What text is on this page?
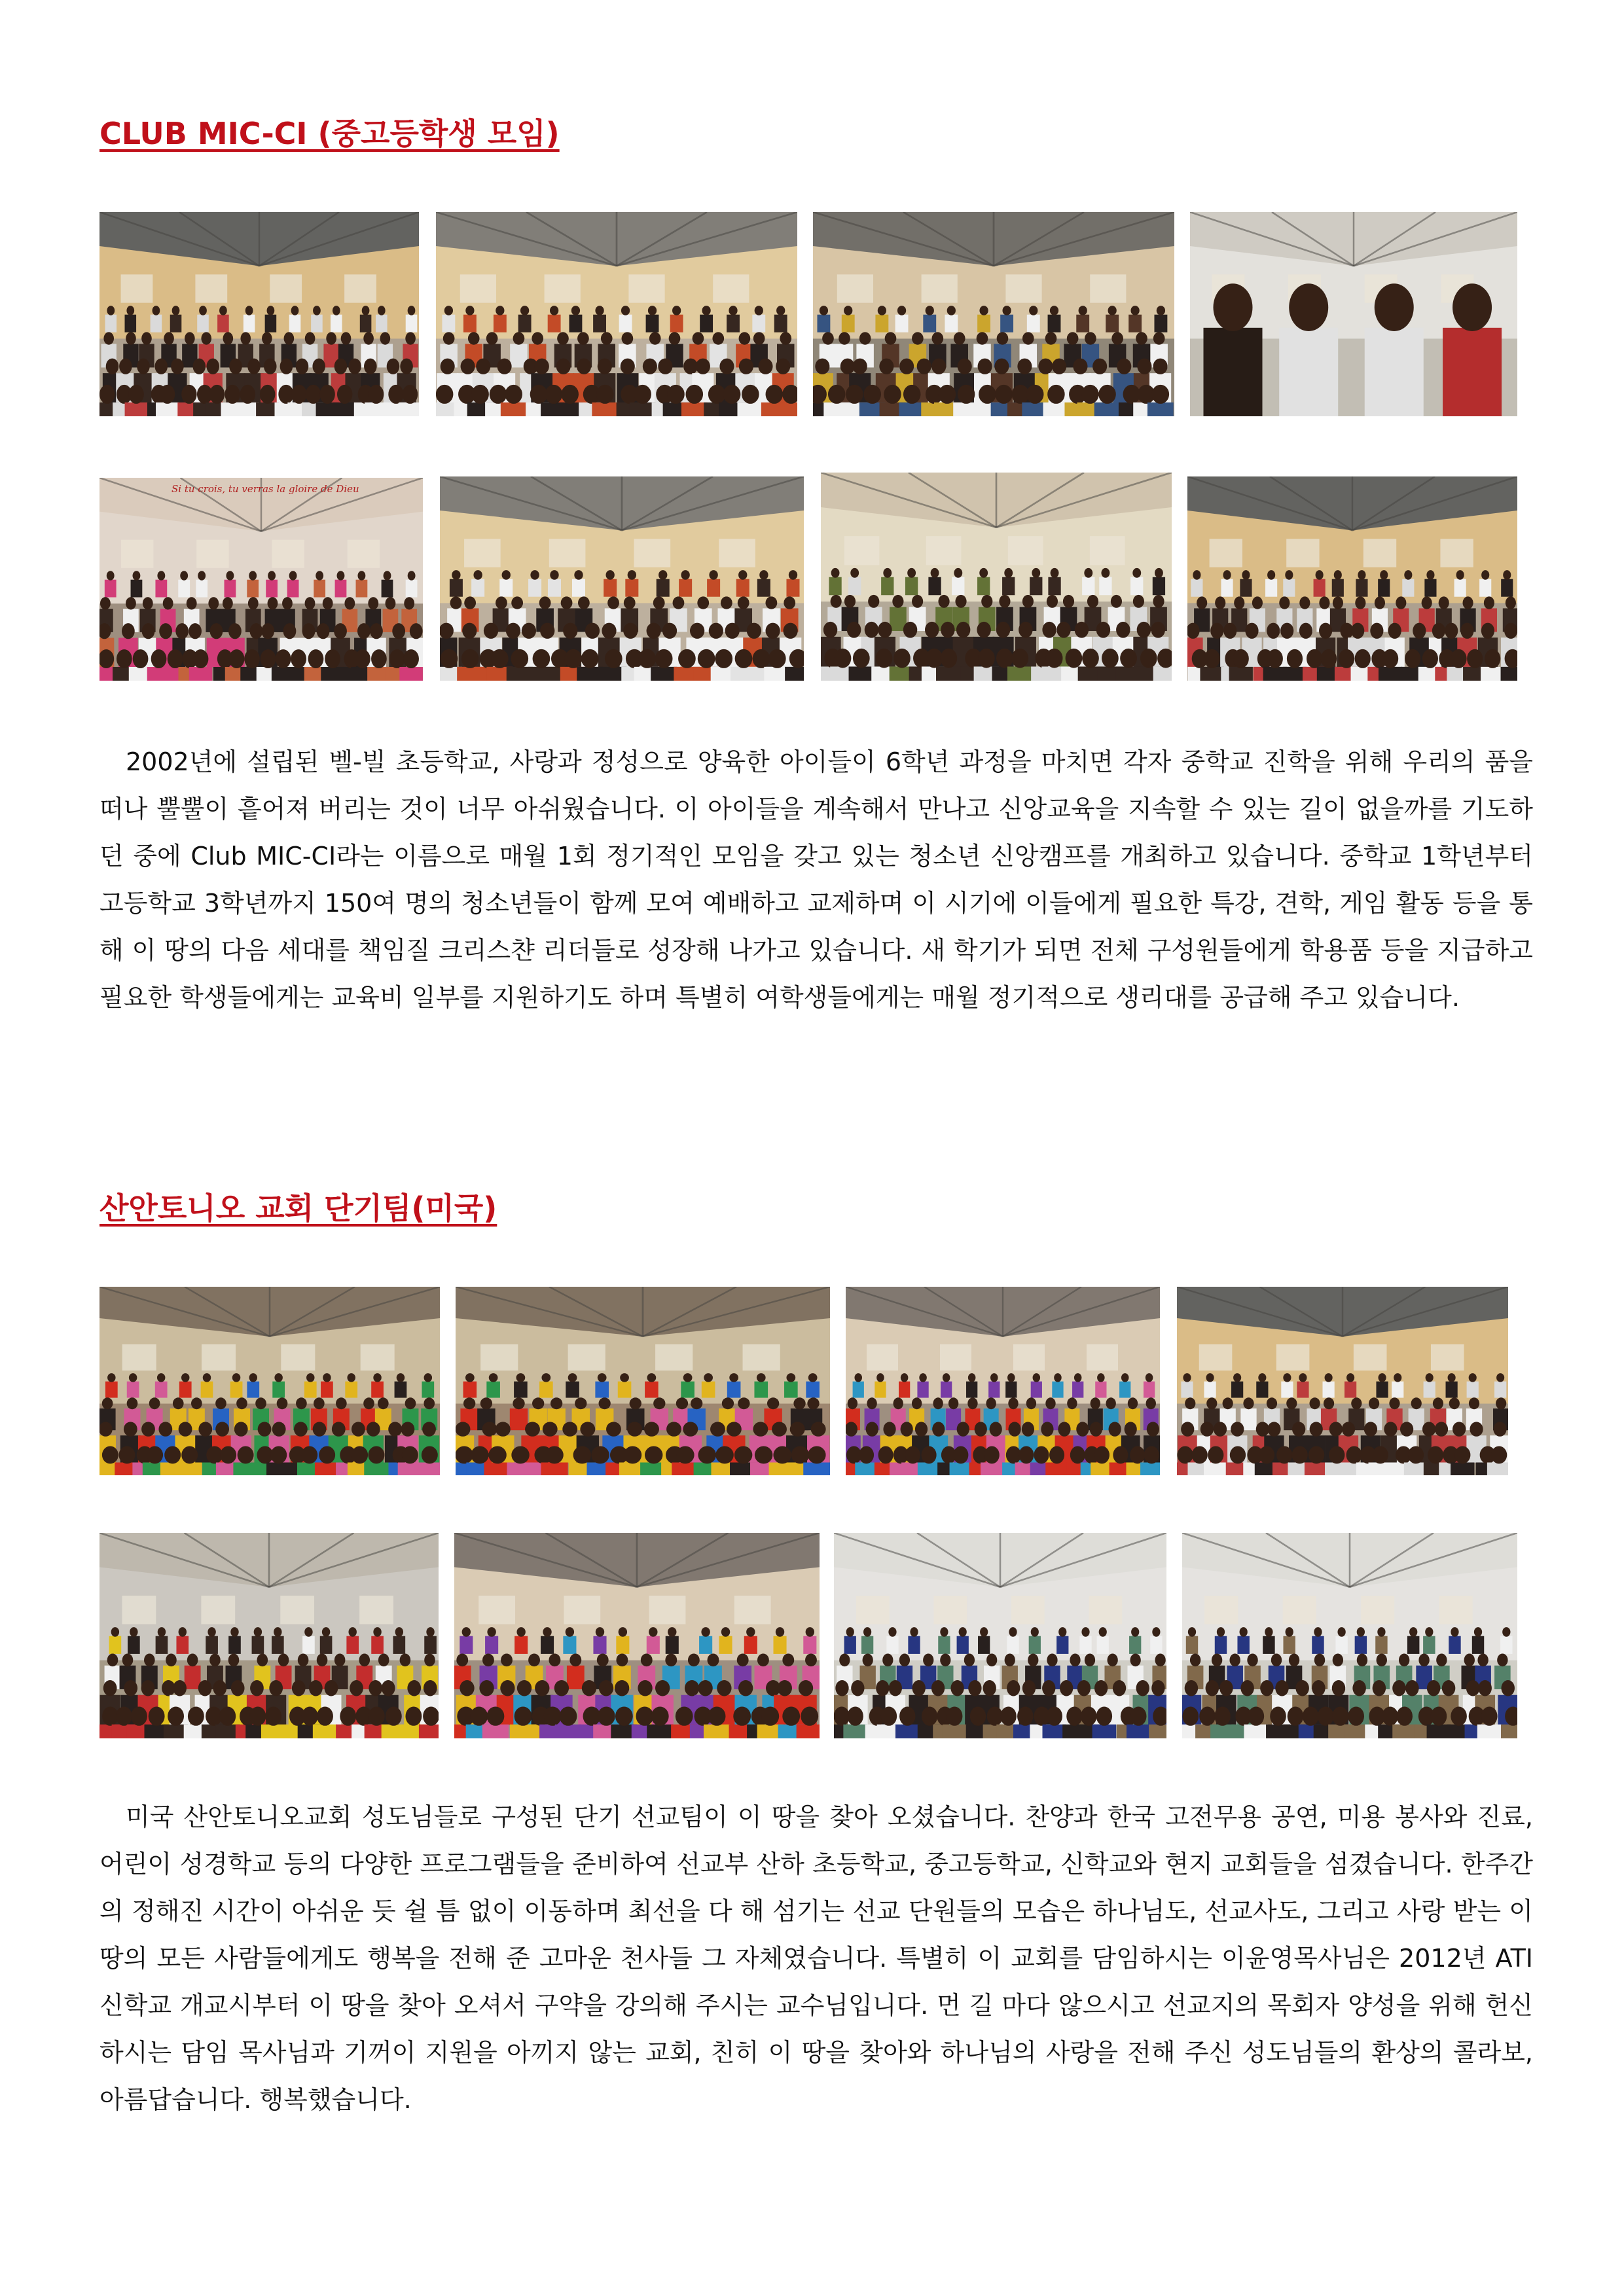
CLUB MIC-CI (중고등학생 모임)
Si tu crois, tu verras la gloire de Dieu

2002년에 설립된 벨-빌 초등학교, 사랑과 정성으로 양육한 아이들이 6학년 과정을 마치면 각자 중학교 진학을 위해 우리의 품을 떠나 뿔뿔이 흩어져 버리는 것이 너무 아쉬웠습니다. 이 아이들을 계속해서 만나고 신앙교육을 지속할 수 있는 길이 없을까를 기도하던 중에 Club MIC-CI라는 이름으로 매월 1회 정기적인 모임을 갖고 있는 청소년 신앙캠프를 개최하고 있습니다. 중학교 1학년부터 고등학교 3학년까지 150여 명의 청소년들이 함께 모여 예배하고 교제하며 이 시기에 이들에게 필요한 특강, 견학, 게임 활동 등을 통해 이 땅의 다음 세대를 책임질 크리스챤 리더들로 성장해 나가고 있습니다. 새 학기가 되면 전체 구성원들에게 학용품 등을 지급하고 필요한 학생들에게는 교육비 일부를 지원하기도 하며 특별히 여학생들에게는 매월 정기적으로 생리대를 공급해 주고 있습니다.

산안토니오 교회 단기팀(미국)

미국 산안토니오교회 성도님들로 구성된 단기 선교팀이 이 땅을 찾아 오셨습니다. 찬양과 한국 고전무용 공연, 미용 봉사와 진료, 어린이 성경학교 등의 다양한 프로그램들을 준비하여 선교부 산하 초등학교, 중고등학교, 신학교와 현지 교회들을 섬겼습니다. 한주간의 정해진 시간이 아쉬운 듯 쉴 틈 없이 이동하며 최선을 다 해 섬기는 선교 단원들의 모습은 하나님도, 선교사도, 그리고 사랑 받는 이 땅의 모든 사람들에게도 행복을 전해 준 고마운 천사들 그 자체였습니다. 특별히 이 교회를 담임하시는 이윤영목사님은 2012년 ATI 신학교 개교시부터 이 땅을 찾아 오셔서 구약을 강의해 주시는 교수님입니다. 먼 길 마다 않으시고 선교지의 목회자 양성을 위해 헌신하시는 담임 목사님과 기꺼이 지원을 아끼지 않는 교회, 친히 이 땅을 찾아와 하나님의 사랑을 전해 주신 성도님들의 환상의 콜라보, 아름답습니다. 행복했습니다.
